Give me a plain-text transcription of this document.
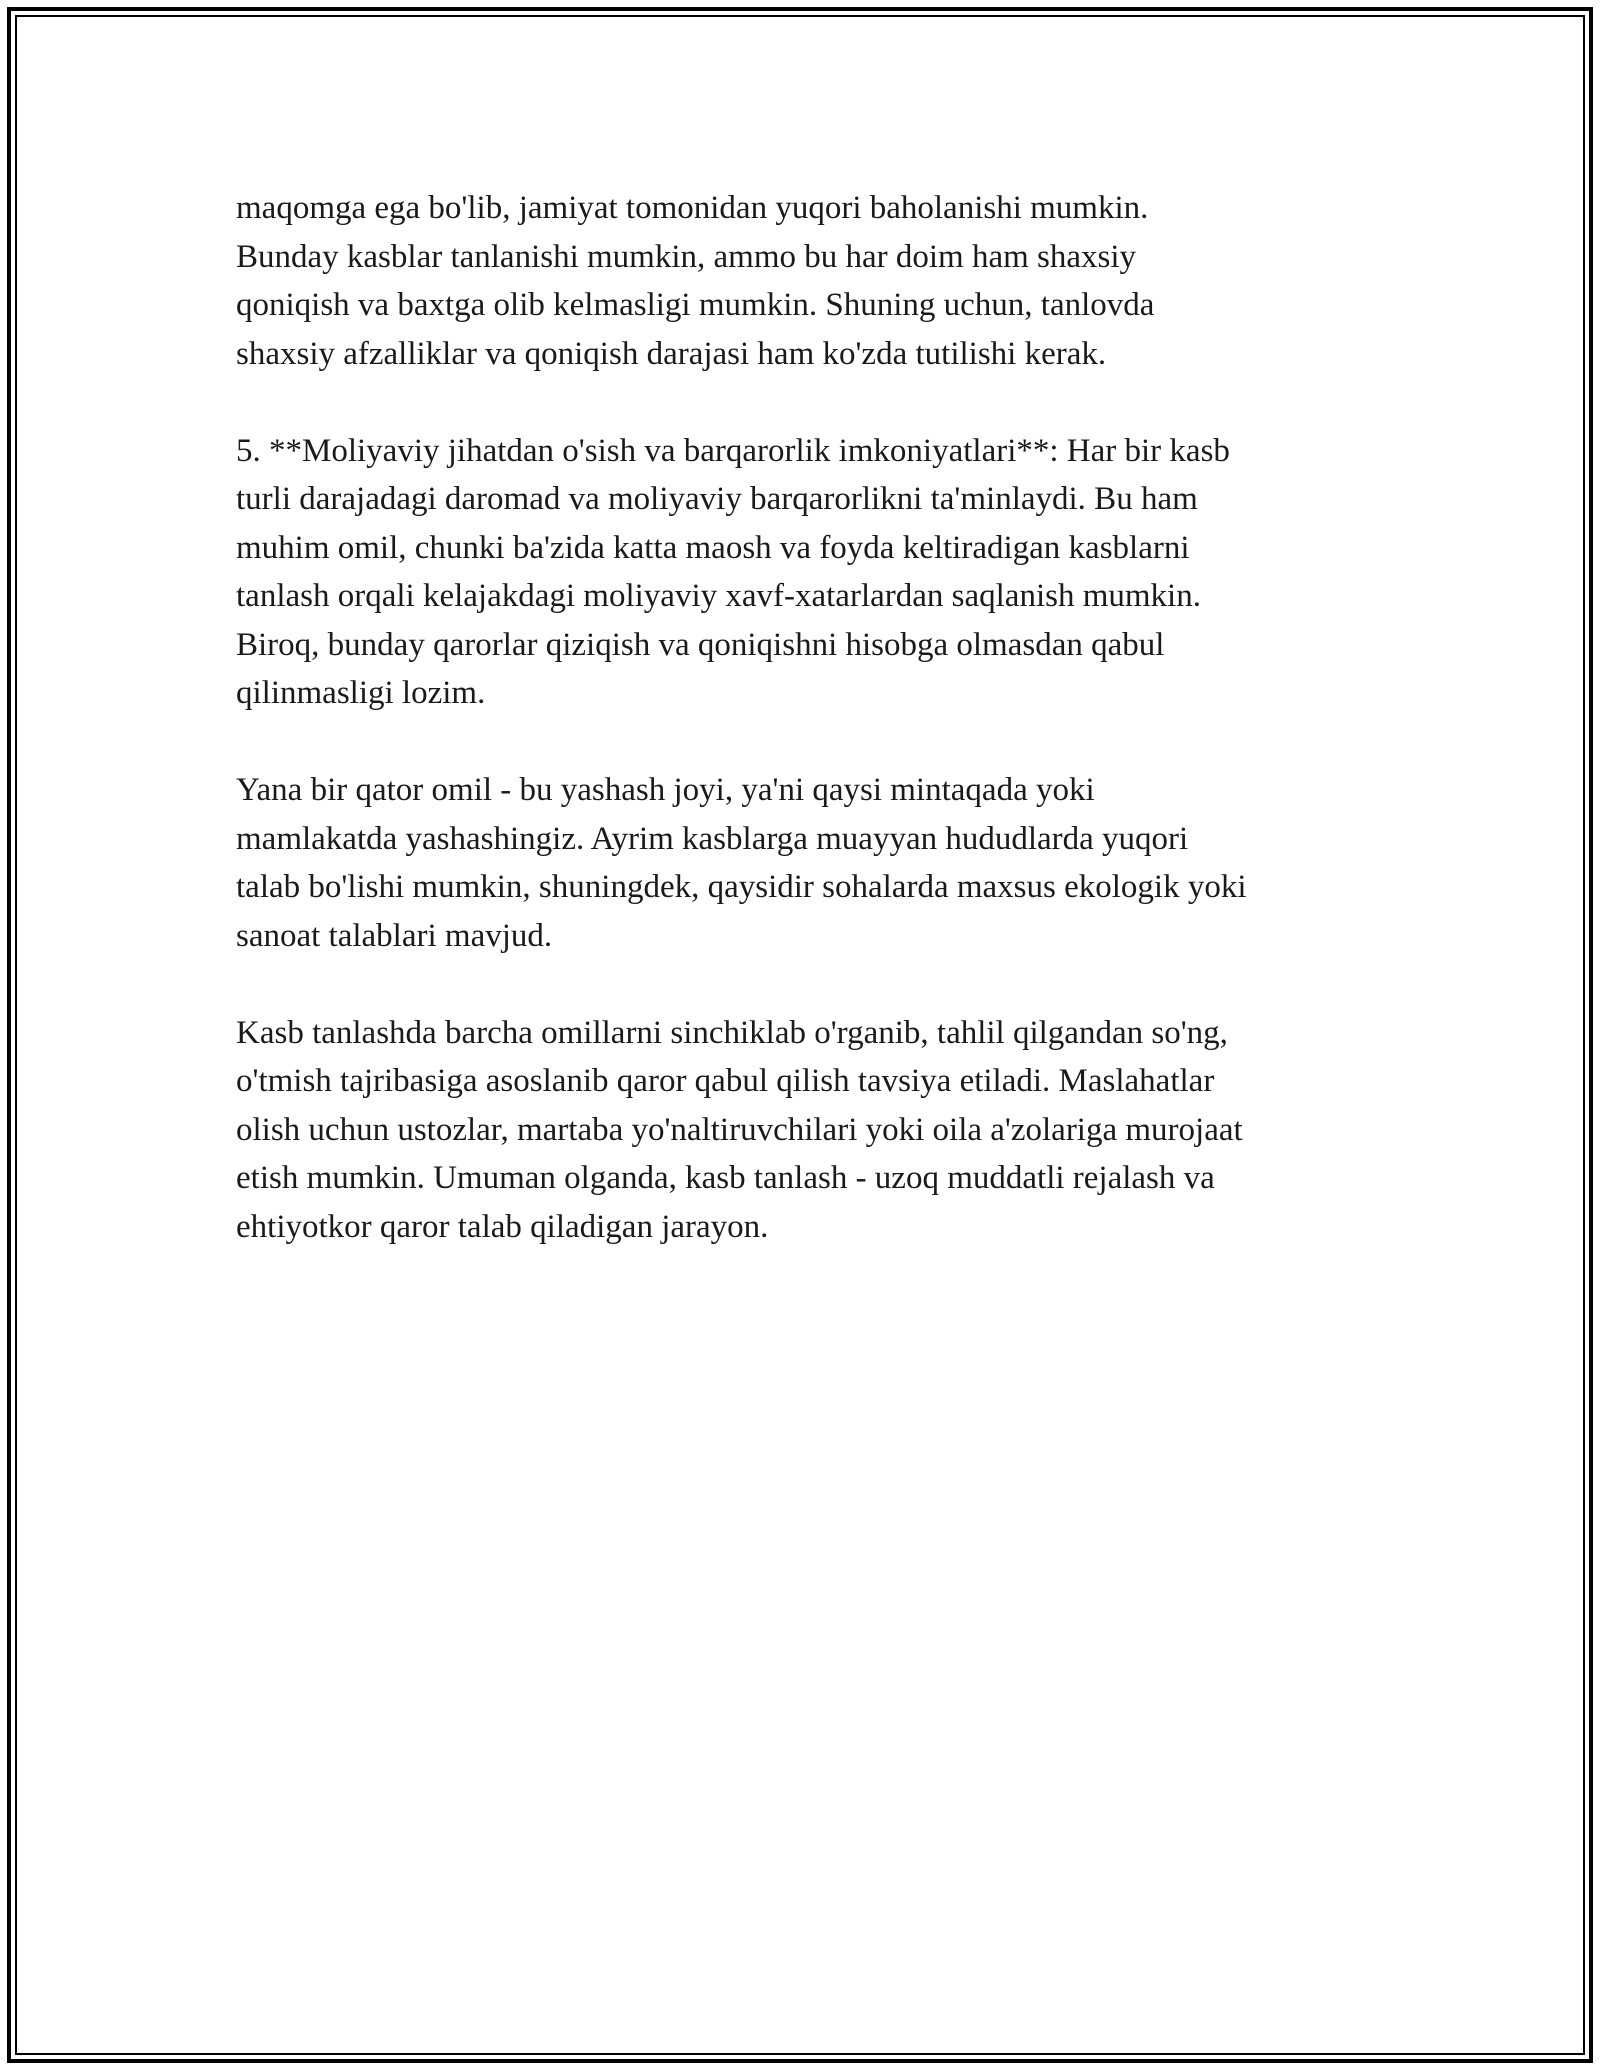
maqomga ega bo'lib, jamiyat tomonidan yuqori baholanishi mumkin.
Bunday kasblar tanlanishi mumkin, ammo bu har doim ham shaxsiy
qoniqish va baxtga olib kelmasligi mumkin. Shuning uchun, tanlovda
shaxsiy afzalliklar va qoniqish darajasi ham ko'zda tutilishi kerak.

5. **Moliyaviy jihatdan o'sish va barqarorlik imkoniyatlari**: Har bir kasb
turli darajadagi daromad va moliyaviy barqarorlikni ta'minlaydi. Bu ham
muhim omil, chunki ba'zida katta maosh va foyda keltiradigan kasblarni
tanlash orqali kelajakdagi moliyaviy xavf-xatarlardan saqlanish mumkin.
Biroq, bunday qarorlar qiziqish va qoniqishni hisobga olmasdan qabul
qilinmasligi lozim.

Yana bir qator omil - bu yashash joyi, ya'ni qaysi mintaqada yoki
mamlakatda yashashingiz. Ayrim kasblarga muayyan hududlarda yuqori
talab bo'lishi mumkin, shuningdek, qaysidir sohalarda maxsus ekologik yoki
sanoat talablari mavjud.

Kasb tanlashda barcha omillarni sinchiklab o'rganib, tahlil qilgandan so'ng,
o'tmish tajribasiga asoslanib qaror qabul qilish tavsiya etiladi. Maslahatlar
olish uchun ustozlar, martaba yo'naltiruvchilari yoki oila a'zolariga murojaat
etish mumkin. Umuman olganda, kasb tanlash - uzoq muddatli rejalash va
ehtiyotkor qaror talab qiladigan jarayon.
